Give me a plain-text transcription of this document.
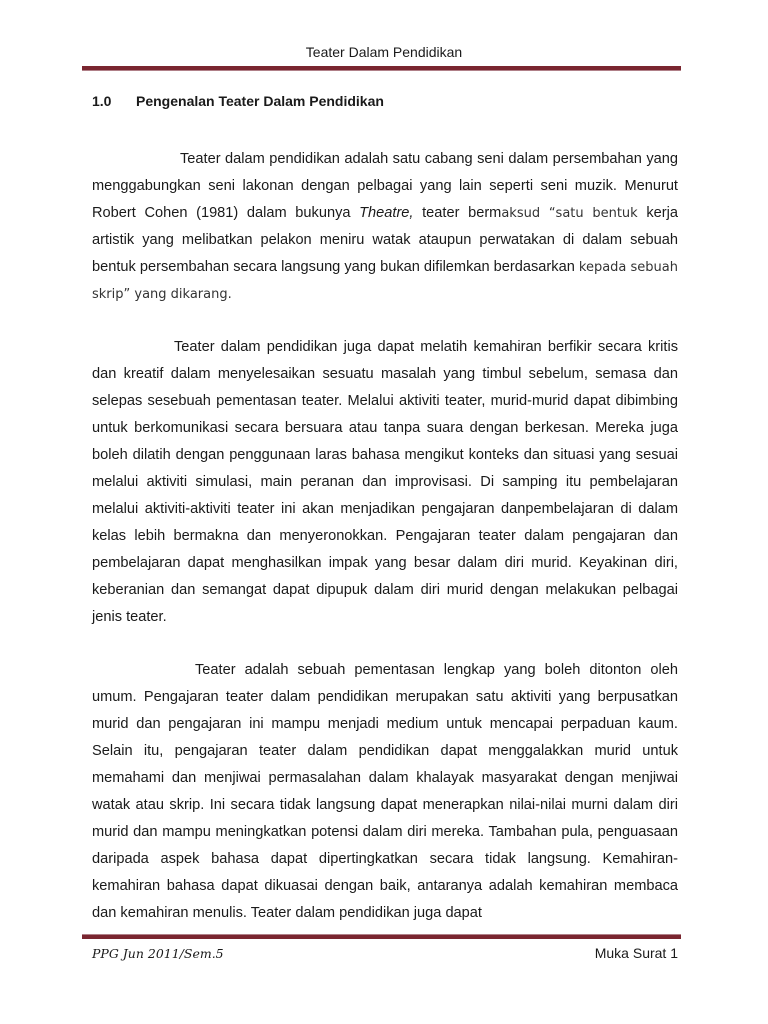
Teater Dalam Pendidikan
1.0 Pengenalan Teater Dalam Pendidikan

Teater dalam pendidikan adalah satu cabang seni dalam persembahan yang menggabungkan seni lakonan dengan pelbagai yang lain seperti seni muzik. Menurut Robert Cohen (1981) dalam bukunya Theatre, teater bermaksud “satu bentuk kerja artistik yang melibatkan pelakon meniru watak ataupun perwatakan di dalam sebuah bentuk persembahan secara langsung yang bukan difilemkan berdasarkan kepada sebuah skrip” yang dikarang.

Teater dalam pendidikan juga dapat melatih kemahiran berfikir secara kritis dan kreatif dalam menyelesaikan sesuatu masalah yang timbul sebelum, semasa dan selepas sesebuah pementasan teater. Melalui aktiviti teater, murid-murid dapat dibimbing untuk berkomunikasi secara bersuara atau tanpa suara dengan berkesan. Mereka juga boleh dilatih dengan penggunaan laras bahasa mengikut konteks dan situasi yang sesuai melalui aktiviti simulasi, main peranan dan improvisasi. Di samping itu pembelajaran melalui aktiviti-aktiviti teater ini akan menjadikan pengajaran danpembelajaran di dalam kelas lebih bermakna dan menyeronokkan. Pengajaran teater dalam pengajaran dan pembelajaran dapat menghasilkan impak yang besar dalam diri murid. Keyakinan diri, keberanian dan semangat dapat dipupuk dalam diri murid dengan melakukan pelbagai jenis teater.

Teater adalah sebuah pementasan lengkap yang boleh ditonton oleh umum. Pengajaran teater dalam pendidikan merupakan satu aktiviti yang berpusatkan murid dan pengajaran ini mampu menjadi medium untuk mencapai perpaduan kaum. Selain itu, pengajaran teater dalam pendidikan dapat menggalakkan murid untuk memahami dan menjiwai permasalahan dalam khalayak masyarakat dengan menjiwai watak atau skrip. Ini secara tidak langsung dapat menerapkan nilai-nilai murni dalam diri murid dan mampu meningkatkan potensi dalam diri mereka. Tambahan pula, penguasaan daripada aspek bahasa dapat dipertingkatkan secara tidak langsung. Kemahiran-kemahiran bahasa dapat dikuasai dengan baik, antaranya adalah kemahiran membaca dan kemahiran menulis. Teater dalam pendidikan juga dapat

PPG Jun 2011/Sem.5	Muka Surat 1
